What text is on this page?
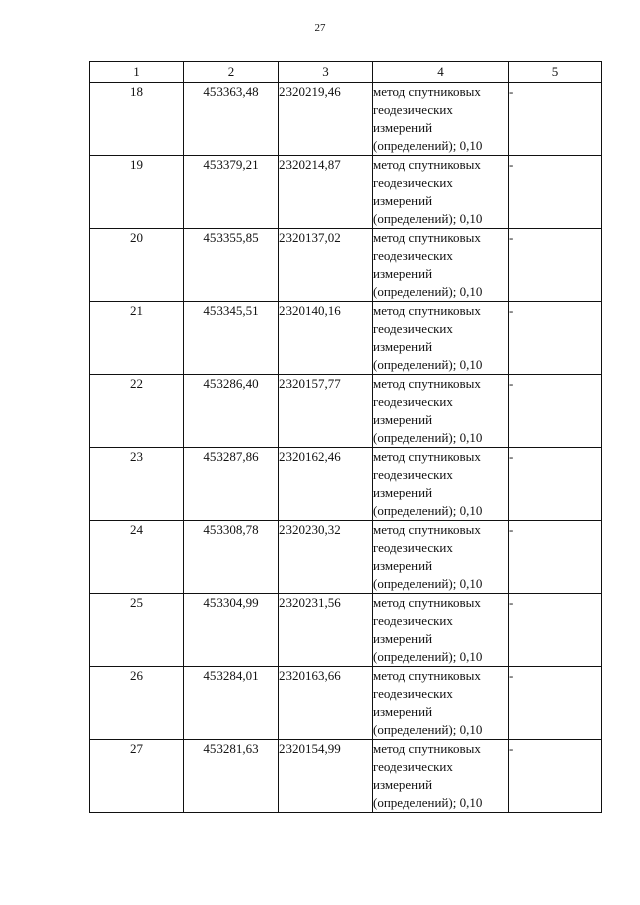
27
1	2	3	4	5
18	453363,48	2320219,46	метод спутниковых
геодезических
измерений
(определений); 0,10	-
19	453379,21	2320214,87	метод спутниковых
геодезических
измерений
(определений); 0,10	-
20	453355,85	2320137,02	метод спутниковых
геодезических
измерений
(определений); 0,10	-
21	453345,51	2320140,16	метод спутниковых
геодезических
измерений
(определений); 0,10	-
22	453286,40	2320157,77	метод спутниковых
геодезических
измерений
(определений); 0,10	-
23	453287,86	2320162,46	метод спутниковых
геодезических
измерений
(определений); 0,10	-
24	453308,78	2320230,32	метод спутниковых
геодезических
измерений
(определений); 0,10	-
25	453304,99	2320231,56	метод спутниковых
геодезических
измерений
(определений); 0,10	-
26	453284,01	2320163,66	метод спутниковых
геодезических
измерений
(определений); 0,10	-
27	453281,63	2320154,99	метод спутниковых
геодезических
измерений
(определений); 0,10	-
